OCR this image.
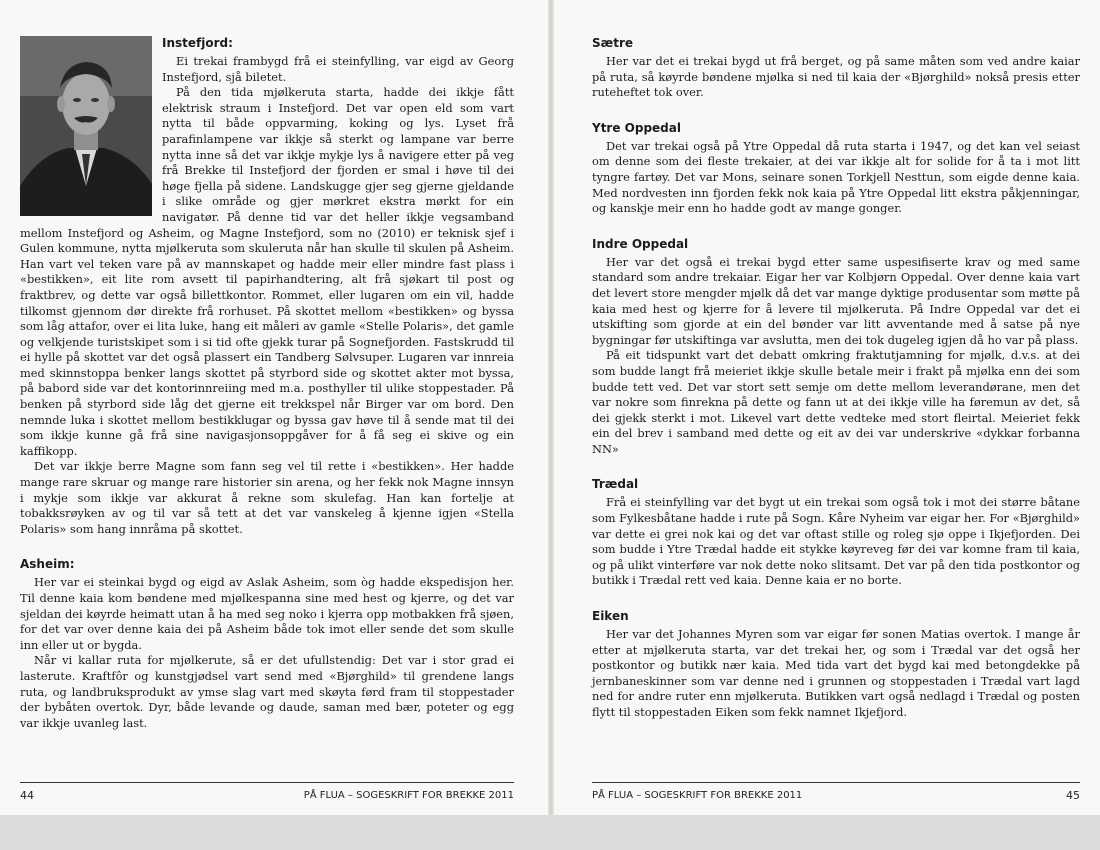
Instefjord:

Ei trekai frambygd frå ei steinfylling, var eigd av Georg Instefjord, sjå biletet.

På den tida mjølkeruta starta, hadde dei ikkje fått elektrisk straum i Instefjord. Det var open eld som vart nytta til både oppvarming, koking og lys. Lyset frå parafinlampene var ikkje så sterkt og lampane var berre nytta inne så det var ikkje mykje lys å navigere etter på veg frå Brekke til Instefjord der fjorden er smal i høve til dei høge fjella på sidene. Landskugge gjer seg gjerne gjeldande i slike område og gjer mørkret ekstra mørkt for ein navigatør. På denne tid var det heller ikkje vegsamband mellom Instefjord og Asheim, og Magne Instefjord, som no (2010) er teknisk sjef i Gulen kommune, nytta mjølkeruta som skuleruta når han skulle til skulen på Asheim. Han vart vel teken vare på av mannskapet og hadde meir eller mindre fast plass i «bestikken», eit lite rom avsett til papirhandtering, alt frå sjøkart til post og fraktbrev, og dette var også billettkontor. Rommet, eller lugaren om ein vil, hadde tilkomst gjennom dør direkte frå rorhuset. På skottet mellom «bestikken» og byssa som låg attafor, over ei lita luke, hang eit måleri av gamle «Stelle Polaris», det gamle og velkjende turistskipet som i si tid ofte gjekk turar på Sognefjorden. Fastskrudd til ei hylle på skottet var det også plassert ein Tandberg Sølvsuper. Lugaren var innreia med skinnstoppa benker langs skottet på styrbord side og skottet akter mot byssa, på babord side var det kontorinnreiing med m.a. posthyller til ulike stoppestader. På benken på styrbord side låg det gjerne eit trekkspel når Birger var om bord. Den nemnde luka i skottet mellom bestikklugar og byssa gav høve til å sende mat til dei som ikkje kunne gå frå sine navigasjonsoppgåver for å få seg ei skive og ein kaffikopp.

Det var ikkje berre Magne som fann seg vel til rette i «bestikken». Her hadde mange rare skruar og mange rare historier sin arena, og her fekk nok Magne innsyn i mykje som ikkje var akkurat å rekne som skulefag. Han kan fortelje at tobakksrøyken av og til var så tett at det var vanskeleg å kjenne igjen «Stella Polaris» som hang innråma på skottet.

Asheim:

Her var ei steinkai bygd og eigd av Aslak Asheim, som òg hadde ekspedisjon her. Til denne kaia kom bøndene med mjølkespanna sine med hest og kjerre, og det var sjeldan dei køyrde heimatt utan å ha med seg noko i kjerra opp motbakken frå sjøen, for det var over denne kaia dei på Asheim både tok imot eller sende det som skulle inn eller ut or bygda.

Når vi kallar ruta for mjølkerute, så er det ufullstendig: Det var i stor grad ei lasterute. Kraftfôr og kunstgjødsel vart send med «Bjørghild» til grendene langs ruta, og landbruksprodukt av ymse slag vart med skøyta førd fram til stoppestader der bybåten overtok. Dyr, både levande og daude, saman med bær, poteter og egg var ikkje uvanleg last.

44	PÅ FLUA – SOGESKRIFT FOR BREKKE 2011
Sætre

Her var det ei trekai bygd ut frå berget, og på same måten som ved andre kaiar på ruta, så køyrde bøndene mjølka si ned til kaia der «Bjørghild» nokså presis etter ruteheftet tok over.

Ytre Oppedal

Det var trekai også på Ytre Oppedal då ruta starta i 1947, og det kan vel seiast om denne som dei fleste trekaier, at dei var ikkje alt for solide for å ta i mot litt tyngre fartøy. Det var Mons, seinare sonen Torkjell Nesttun, som eigde denne kaia. Med nordvesten inn fjorden fekk nok kaia på Ytre Oppedal litt ekstra påkjenningar, og kanskje meir enn ho hadde godt av mange gonger.

Indre Oppedal

Her var det også ei trekai bygd etter same uspesifiserte krav og med same standard som andre trekaiar. Eigar her var Kolbjørn Oppedal. Over denne kaia vart det levert store mengder mjølk då det var mange dyktige produsentar som møtte på kaia med hest og kjerre for å levere til mjølkeruta. På Indre Oppedal var det ei utskifting som gjorde at ein del bønder var litt avventande med å satse på nye bygningar før utskiftinga var avslutta, men dei tok dugeleg igjen då ho var på plass.

På eit tidspunkt vart det debatt omkring fraktutjamning for mjølk, d.v.s. at dei som budde langt frå meieriet ikkje skulle betale meir i frakt på mjølka enn dei som budde tett ved. Det var stort sett semje om dette mellom leverandørane, men det var nokre som finrekna på dette og fann ut at dei ikkje ville ha føremun av det, så dei gjekk sterkt i mot. Likevel vart dette vedteke med stort fleirtal. Meieriet fekk ein del brev i samband med dette og eit av dei var underskrive «dykkar forbanna NN»

Trædal

Frå ei steinfylling var det bygt ut ein trekai som også tok i mot dei større båtane som Fylkesbåtane hadde i rute på Sogn. Kåre Nyheim var eigar her. For «Bjørghild» var dette ei grei nok kai og det var oftast stille og roleg sjø oppe i Ikjefjorden. Dei som budde i Ytre Trædal hadde eit stykke køyreveg før dei var komne fram til kaia, og på ulikt vinterføre var nok dette noko slitsamt. Det var på den tida postkontor og butikk i Trædal rett ved kaia. Denne kaia er no borte.

Eiken

Her var det Johannes Myren som var eigar før sonen Matias overtok. I mange år etter at mjølkeruta starta, var det trekai her, og som i Trædal var det også her postkontor og butikk nær kaia. Med tida vart det bygd kai med betongdekke på jernbaneskinner som var denne ned i grunnen og stoppestaden i Trædal vart lagd ned for andre ruter enn mjølkeruta. Butikken vart også nedlagd i Trædal og posten flytt til stoppestaden Eiken som fekk namnet Ikjefjord.

PÅ FLUA – SOGESKRIFT FOR BREKKE 2011	45
